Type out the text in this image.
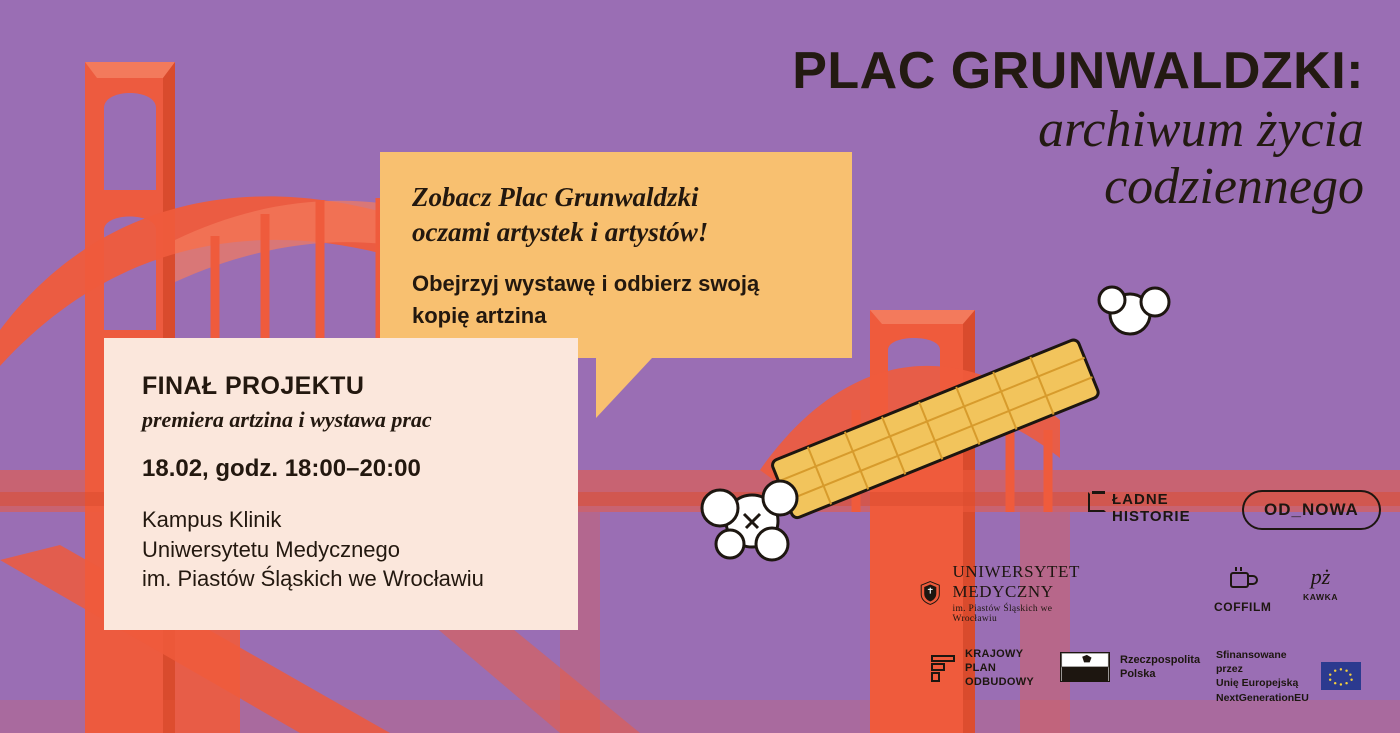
PLAC GRUNWALDZKI:
archiwum życia
codziennego
Zobacz Plac Grunwaldzki
oczami artystek i artystów!
Obejrzyj wystawę i odbierz swoją
kopię artzina
FINAŁ PROJEKTU
premiera artzina i wystawa prac
18.02, godz. 18:00–20:00
Kampus Klinik
Uniwersytetu Medycznego
im. Piastów Śląskich we Wrocławiu
ŁADNE
HISTORIE	OD_NOWA
UNIWERSYTET MEDYCZNY
im. Piastów Śląskich we Wrocławiu
COFFILM
pż
KAWKA
KRAJOWY
PLAN
ODBUDOWY
Rzeczpospolita
Polska
Sfinansowane przez
Unię Europejską
NextGenerationEU
